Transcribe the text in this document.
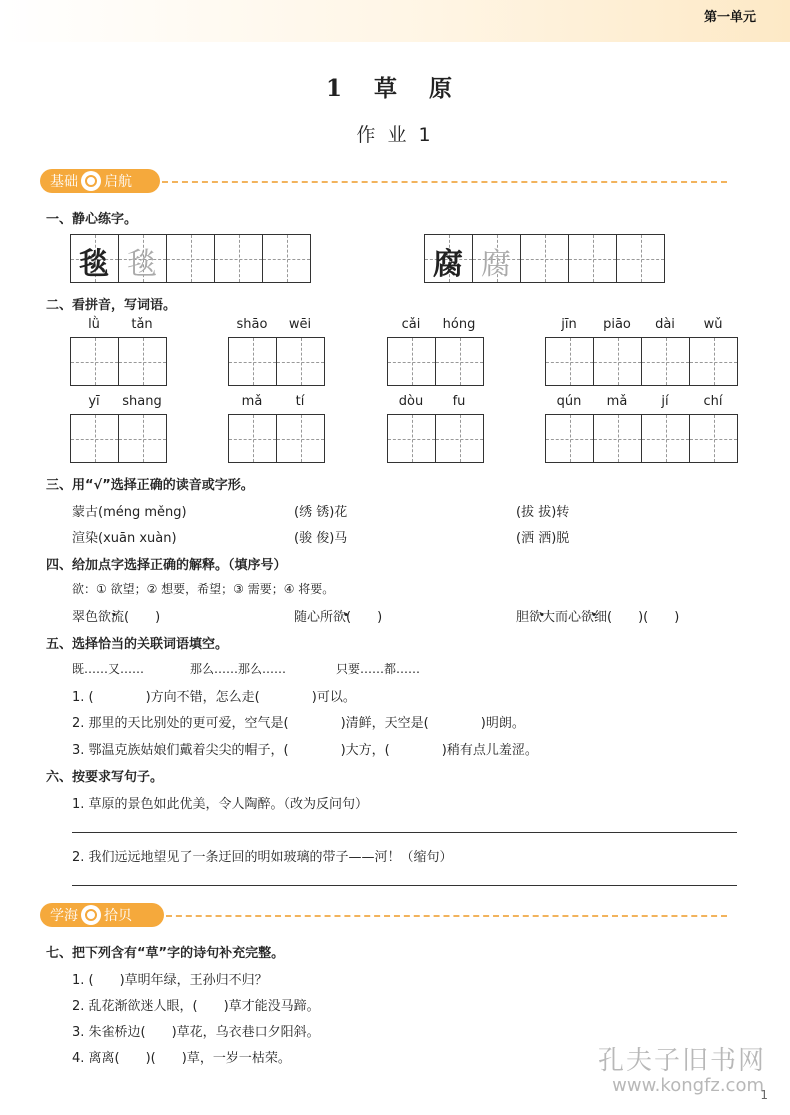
第一单元
1 草 原
作 业 1
基础 启航
一、静心练字。
毯 毯	腐 腐
二、看拼音，写词语。
lǜ	tǎn	shāo	wēi	cǎi	hóng	jīn	piāo	dài	wǔ
yī	shang	mǎ	tí	dòu	fu	qún	mǎ	jí	chí
三、用“√”选择正确的读音或字形。
蒙古(méng měng)	(绣 锈)花	(拔 拔)转
渲染(xuān xuàn)	(骏 俊)马	(洒 洒)脱
四、给加点字选择正确的解释。（填序号）
欲：① 欲望；② 想要，希望；③ 需要；④ 将要。
翠色欲流(　　)	随心所欲(　　)	胆欲大而心欲细(　　)(　　)
五、选择恰当的关联词语填空。
既……又……	那么……那么……	只要……都……
1. (　　　　)方向不错，怎么走(　　　　)可以。
2. 那里的天比别处的更可爱，空气是(　　　　)清鲜，天空是(　　　　)明朗。
3. 鄂温克族姑娘们戴着尖尖的帽子，(　　　　)大方，(　　　　)稍有点儿羞涩。
六、按要求写句子。
1. 草原的景色如此优美，令人陶醉。（改为反问句）
2. 我们远远地望见了一条迂回的明如玻璃的带子——河！（缩句）
学海 拾贝
七、把下列含有“草”字的诗句补充完整。
1. (　　)草明年绿，王孙归不归？
2. 乱花渐欲迷人眼，(　　)草才能没马蹄。
3. 朱雀桥边(　　)草花，乌衣巷口夕阳斜。
4. 离离(　　)(　　)草，一岁一枯荣。	孔夫子旧书网
www.kongfz.com
1
